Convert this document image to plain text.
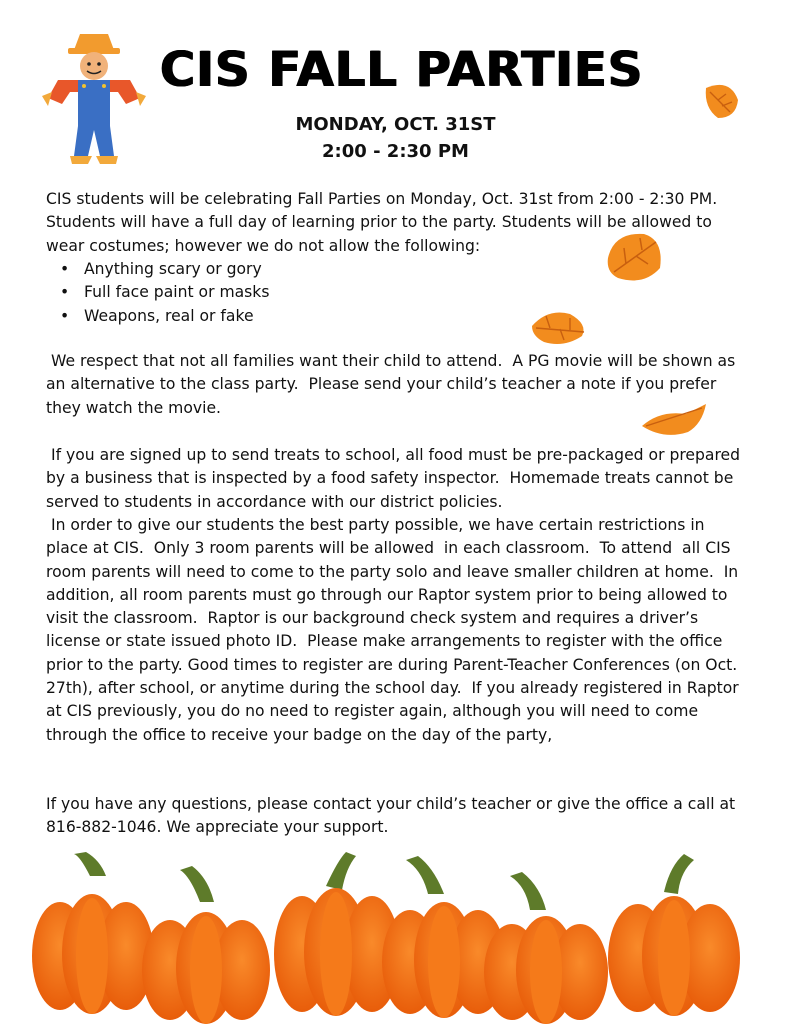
CIS FALL PARTIES
MONDAY, OCT. 31ST
2:00 - 2:30 PM
CIS students will be celebrating Fall Parties on Monday, Oct. 31st from 2:00 - 2:30 PM. Students will have a full day of learning prior to the party. Students will be allowed to wear costumes; however we do not allow the following:
• Anything scary or gory
• Full face paint or masks
• Weapons, real or fake
We respect that not all families want their child to attend.  A PG movie will be shown as an alternative to the class party.  Please send your child’s teacher a note if you prefer they watch the movie.
If you are signed up to send treats to school, all food must be pre-packaged or prepared by a business that is inspected by a food safety inspector.  Homemade treats cannot be served to students in accordance with our district policies.
In order to give our students the best party possible, we have certain restrictions in place at CIS.  Only 3 room parents will be allowed  in each classroom.  To attend  all CIS room parents will need to come to the party solo and leave smaller children at home.  In addition, all room parents must go through our Raptor system prior to being allowed to visit the classroom.  Raptor is our background check system and requires a driver’s license or state issued photo ID.  Please make arrangements to register with the office prior to the party. Good times to register are during Parent-Teacher Conferences (on Oct. 27th), after school, or anytime during the school day.  If you already registered in Raptor at CIS previously, you do no need to register again, although you will need to come through the office to receive your badge on the day of the party,
If you have any questions, please contact your child’s teacher or give the office a call at 816-882-1046. We appreciate your support.
